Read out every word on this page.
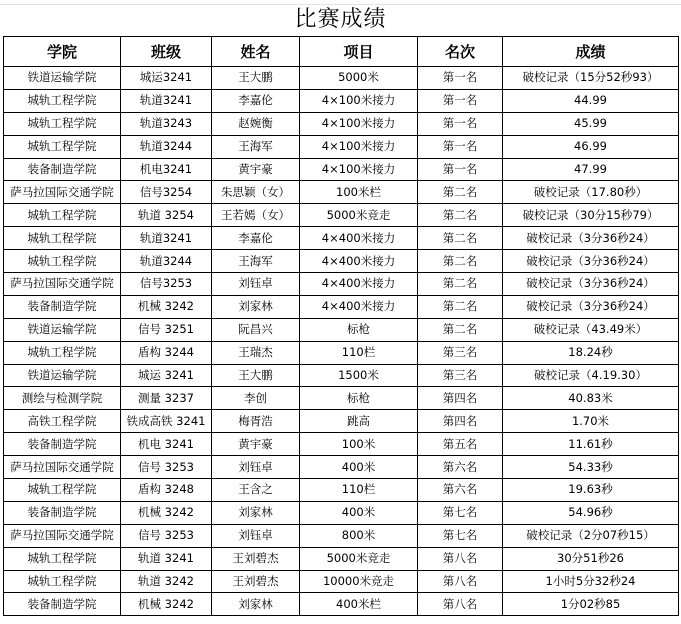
比赛成绩
学院	班级	姓名	项目	名次	成绩
铁道运输学院	城运3241	王大鹏	5000米	第一名	破校记录（15分52秒93）
城轨工程学院	轨道3241	李嘉伦	4×100米接力	第一名	44.99
城轨工程学院	轨道3243	赵婉衡	4×100米接力	第一名	45.99
城轨工程学院	轨道3244	王海军	4×100米接力	第一名	46.99
装备制造学院	机电3241	黄宇豪	4×100米接力	第一名	47.99
萨马拉国际交通学院	信号3254	朱思颖（女）	100米栏	第二名	破校记录（17.80秒）
城轨工程学院	轨道 3254	王若嫣（女）	5000米竞走	第二名	破校记录（30分15秒79）
城轨工程学院	轨道3241	李嘉伦	4×400米接力	第二名	破校记录（3分36秒24）
城轨工程学院	轨道3244	王海军	4×400米接力	第二名	破校记录（3分36秒24）
萨马拉国际交通学院	信号3253	刘钰卓	4×400米接力	第二名	破校记录（3分36秒24）
装备制造学院	机械 3242	刘家林	4×400米接力	第二名	破校记录（3分36秒24）
铁道运输学院	信号 3251	阮昌兴	标枪	第二名	破校记录（43.49米）
城轨工程学院	盾构 3244	王瑞杰	110栏	第三名	18.24秒
铁道运输学院	城运 3241	王大鹏	1500米	第三名	破校记录（4.19.30）
测绘与检测学院	测量 3237	李创	标枪	第四名	40.83米
高铁工程学院	铁成高铁 3241	梅胥浩	跳高	第四名	1.70米
装备制造学院	机电 3241	黄宇豪	100米	第五名	11.61秒
萨马拉国际交通学院	信号 3253	刘钰卓	400米	第六名	54.33秒
城轨工程学院	盾构 3248	王含之	110栏	第六名	19.63秒
装备制造学院	机械 3242	刘家林	400米	第七名	54.96秒
萨马拉国际交通学院	信号 3253	刘钰卓	800米	第七名	破校记录（2分07秒15）
城轨工程学院	轨道 3241	王刘碧杰	5000米竞走	第八名	30分51秒26
城轨工程学院	轨道 3242	王刘碧杰	10000米竞走	第八名	1小时5分32秒24
装备制造学院	机械 3242	刘家林	400米栏	第八名	1分02秒85
